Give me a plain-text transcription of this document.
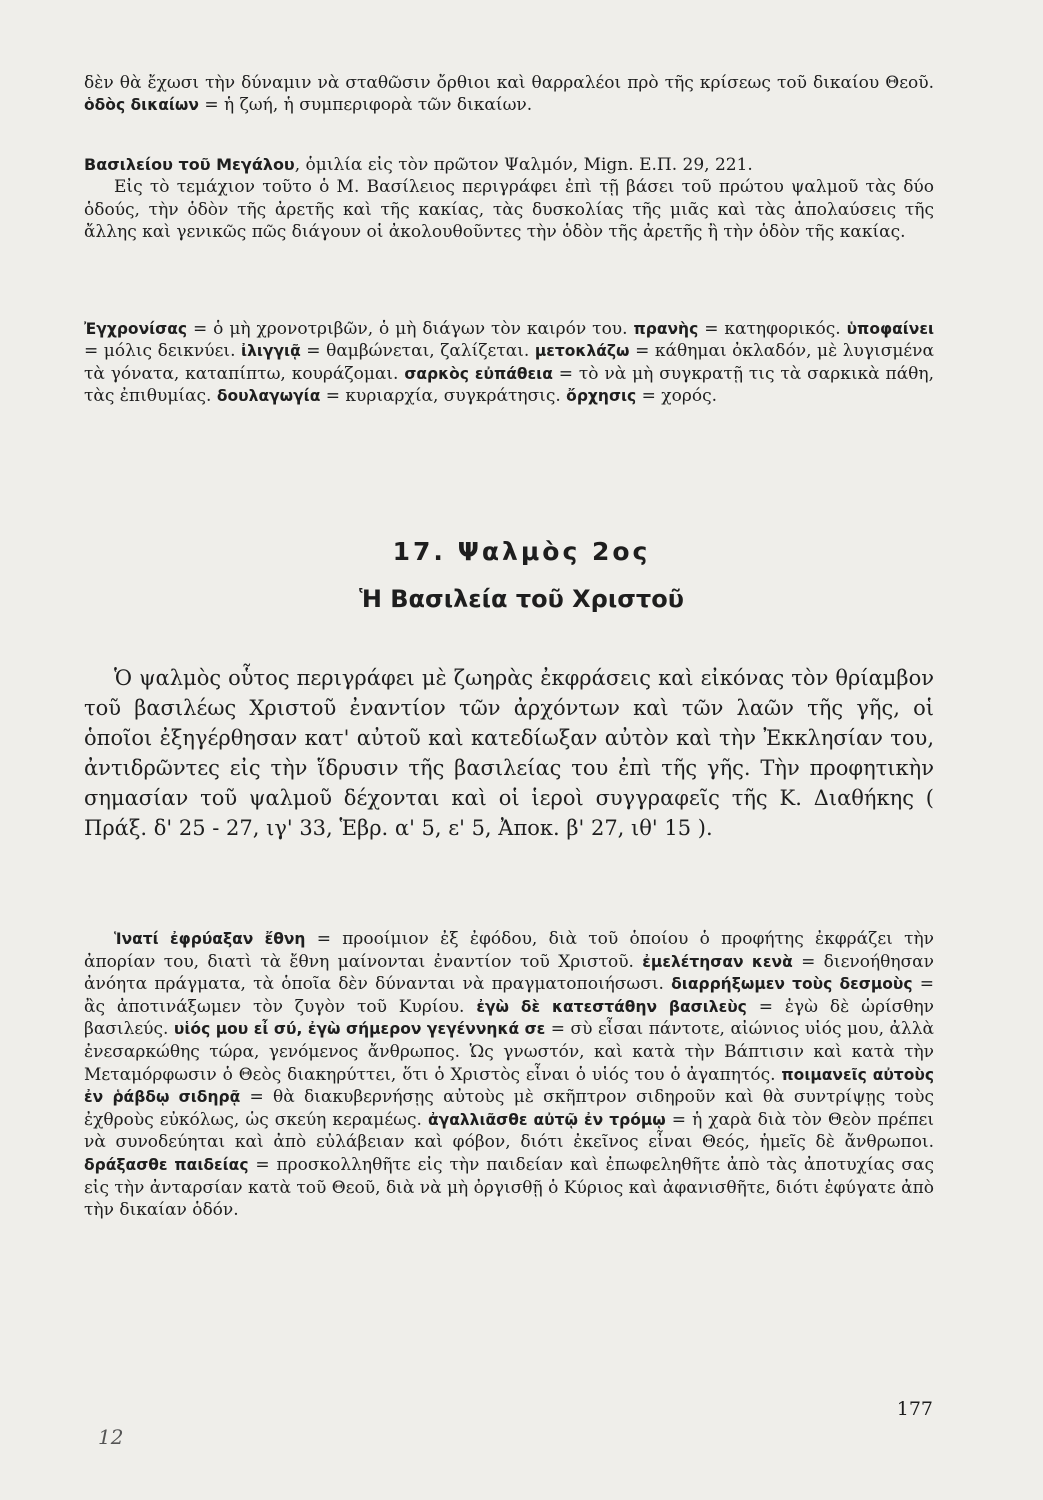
δὲν θὰ ἔχωσι τὴν δύναμιν νὰ σταθῶσιν ὄρθιοι καὶ θαρραλέοι πρὸ τῆς κρίσεως τοῦ δικαίου Θεοῦ. ὁδὸς δικαίων = ἡ ζωή, ἡ συμπεριφορὰ τῶν δικαίων.

Βασιλείου τοῦ Μεγάλου, ὁμιλία εἰς τὸν πρῶτον Ψαλμόν, Mign. Ε.Π. 29, 221.
Εἰς τὸ τεμάχιον τοῦτο ὁ Μ. Βασίλειος περιγράφει ἐπὶ τῇ βάσει τοῦ πρώτου ψαλμοῦ τὰς δύο ὁδούς, τὴν ὁδὸν τῆς ἀρετῆς καὶ τῆς κακίας, τὰς δυσκολίας τῆς μιᾶς καὶ τὰς ἀπολαύσεις τῆς ἄλλης καὶ γενικῶς πῶς διάγουν οἱ ἀκολουθοῦντες τὴν ὁδὸν τῆς ἀρετῆς ἢ τὴν ὁδὸν τῆς κακίας.

Ἐγχρονίσας = ὁ μὴ χρονοτριβῶν, ὁ μὴ διάγων τὸν καιρόν του. πρανὴς = κατηφορικός. ὑποφαίνει = μόλις δεικνύει. ἰλιγγιᾷ = θαμβώνεται, ζαλίζεται. μετοκλάζω = κάθημαι ὀκλαδόν, μὲ λυγισμένα τὰ γόνατα, καταπίπτω, κουράζομαι. σαρκὸς εὐπάθεια = τὸ νὰ μὴ συγκρατῇ τις τὰ σαρκικὰ πάθη, τὰς ἐπιθυμίας. δουλαγωγία = κυριαρχία, συγκράτησις. ὄρχησις = χορός.

17. Ψαλμὸς 2ος
Ἡ Βασιλεία τοῦ Χριστοῦ

Ὁ ψαλμὸς οὗτος περιγράφει μὲ ζωηρὰς ἐκφράσεις καὶ εἰκόνας τὸν θρίαμβον τοῦ βασιλέως Χριστοῦ ἐναντίον τῶν ἀρχόντων καὶ τῶν λαῶν τῆς γῆς, οἱ ὁποῖοι ἐξηγέρθησαν κατ' αὐτοῦ καὶ κατεδίωξαν αὐτὸν καὶ τὴν Ἐκκλησίαν του, ἀντιδρῶντες εἰς τὴν ἵδρυσιν τῆς βασιλείας του ἐπὶ τῆς γῆς. Τὴν προφητικὴν σημασίαν τοῦ ψαλμοῦ δέχονται καὶ οἱ ἱεροὶ συγγραφεῖς τῆς Κ. Διαθήκης ( Πράξ. δ' 25 - 27, ιγ' 33, Ἑβρ. α' 5, ε' 5, Ἀποκ. β' 27, ιθ' 15 ).

Ἱνατί ἐφρύαξαν ἔθνη = προοίμιον ἐξ ἐφόδου, διὰ τοῦ ὁποίου ὁ προφήτης ἐκφράζει τὴν ἀπορίαν του, διατὶ τὰ ἔθνη μαίνονται ἐναντίον τοῦ Χριστοῦ. ἐμελέτησαν κενὰ = διενοήθησαν ἀνόητα πράγματα, τὰ ὁποῖα δὲν δύνανται νὰ πραγματοποιήσωσι. διαρρήξωμεν τοὺς δεσμοὺς = ἂς ἀποτινάξωμεν τὸν ζυγὸν τοῦ Κυρίου. ἐγὼ δὲ κατεστάθην βασιλεὺς = ἐγὼ δὲ ὡρίσθην βασιλεύς. υἱός μου εἶ σύ, ἐγὼ σήμερον γεγέννηκά σε = σὺ εἶσαι πάντοτε, αἰώνιος υἱός μου, ἀλλὰ ἐνεσαρκώθης τώρα, γενόμενος ἄνθρωπος. Ὡς γνωστόν, καὶ κατὰ τὴν Βάπτισιν καὶ κατὰ τὴν Μεταμόρφωσιν ὁ Θεὸς διακηρύττει, ὅτι ὁ Χριστὸς εἶναι ὁ υἱός του ὁ ἀγαπητός. ποιμανεῖς αὐτοὺς ἐν ῥάβδῳ σιδηρᾷ = θὰ διακυβερνήσῃς αὐτοὺς μὲ σκῆπτρον σιδηροῦν καὶ θὰ συντρίψῃς τοὺς ἐχθροὺς εὐκόλως, ὡς σκεύη κεραμέως. ἀγαλλιᾶσθε αὐτῷ ἐν τρόμῳ = ἡ χαρὰ διὰ τὸν Θεὸν πρέπει νὰ συνοδεύηται καὶ ἀπὸ εὐλάβειαν καὶ φόβον, διότι ἐκεῖνος εἶναι Θεός, ἡμεῖς δὲ ἄνθρωποι. δράξασθε παιδείας = προσκολληθῆτε εἰς τὴν παιδείαν καὶ ἐπωφεληθῆτε ἀπὸ τὰς ἀποτυχίας σας εἰς τὴν ἀνταρσίαν κατὰ τοῦ Θεοῦ, διὰ νὰ μὴ ὀργισθῇ ὁ Κύριος καὶ ἀφανισθῆτε, διότι ἐφύγατε ἀπὸ τὴν δικαίαν ὁδόν.

177
12
